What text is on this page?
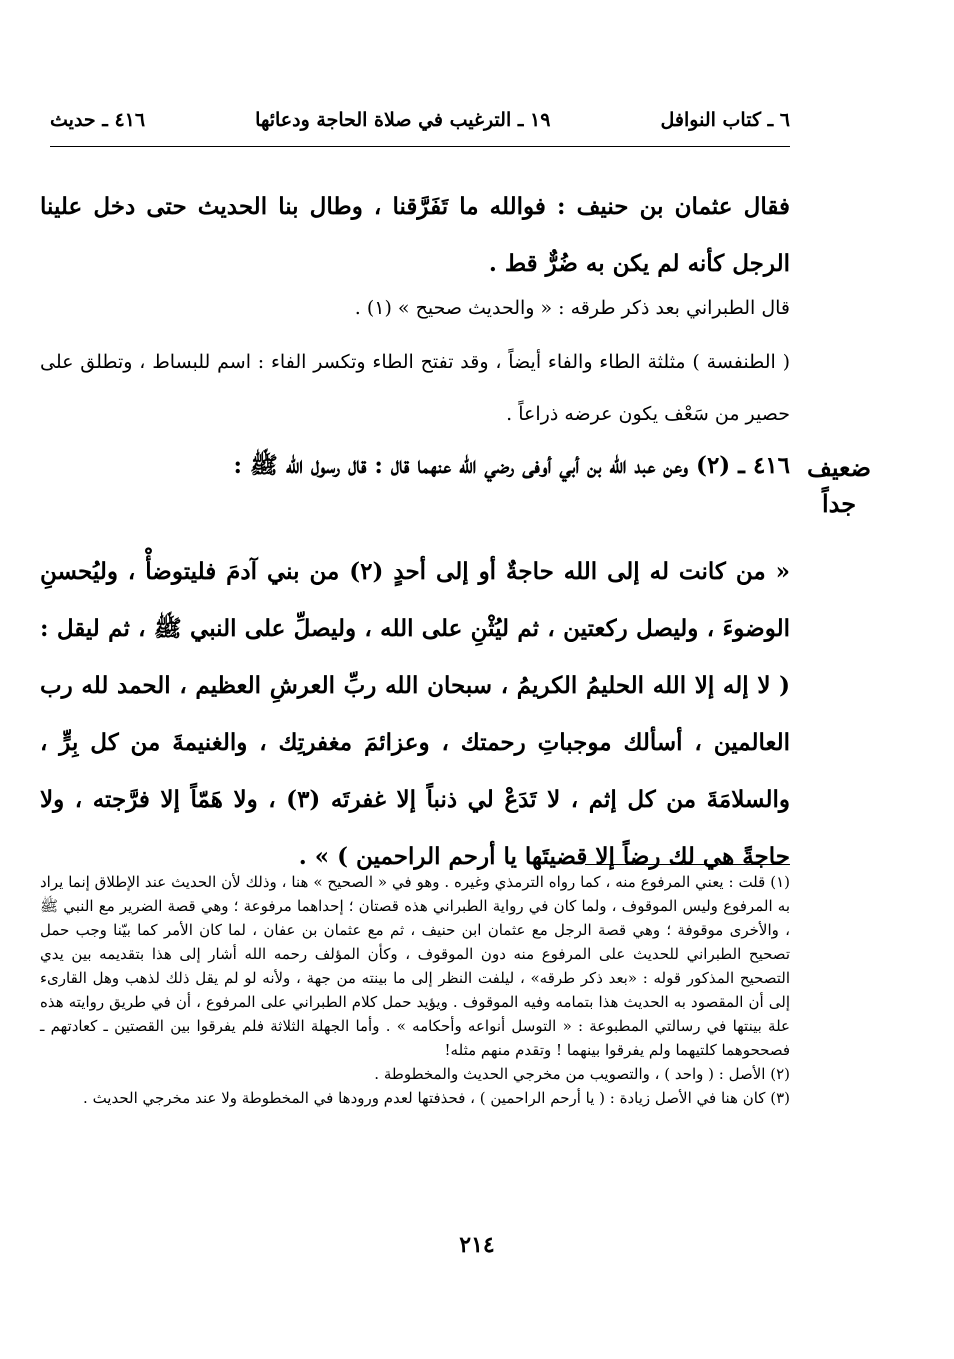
٦ ـ كتاب النوافل
١٩ ـ الترغيب في صلاة الحاجة ودعائها
٤١٦ ـ حديث

فقال عثمان بن حنيف : فوالله ما تَفَرَّقنا ، وطال بنا الحديث حتى دخل علينا الرجل كأنه لم يكن به ضُرٌّ قط .

قال الطبراني بعد ذكر طرقه : « والحديث صحيح » (١) .

( الطنفسة ) مثلثة الطاء والفاء أيضاً ، وقد تفتح الطاء وتكسر الفاء : اسم للبساط ، وتطلق على حصير من سَعْف يكون عرضه ذراعاً .

٤١٦ ـ (٢) وعن عبد الله بن أبي أوفى رضي الله عنهما قال : قال رسول الله ﷺ : ضعيف
جداً

« من كانت له إلى الله حاجةٌ أو إلى أحدٍ (٢) من بني آدمَ فليتوضأْ ، وليُحسنِ الوضوءَ ، وليصل ركعتين ، ثم ليُثْنِ على الله ، وليصلِّ على النبي ﷺ ، ثم ليقل : ( لا إله إلا الله الحليمُ الكريمُ ، سبحان الله ربِّ العرشِ العظيم ، الحمد لله رب العالمين ، أسألك موجباتِ رحمتك ، وعزائمَ مغفرتِك ، والغنيمةَ من كل بِرٍّ ، والسلامَةَ من كل إثم ، لا تَدَعْ لي ذنباً إلا غفرتَه (٣) ، ولا هَمّاً إلا فرَّجته ، ولا حاجةً هي لك رضاً إلا قضيتَها يا أرحم الراحمين ) » .

(١) قلت : يعني المرفوع منه ، كما رواه الترمذي وغيره . وهو في « الصحيح » هنا ، وذلك لأن الحديث عند الإطلاق إنما يراد به المرفوع وليس الموقوف ، ولما كان في رواية الطبراني هذه قصتان ؛ إحداهما مرفوعة ؛ وهي قصة الضرير مع النبي ﷺ ، والأخرى موقوفة ؛ وهي قصة الرجل مع عثمان ابن حنيف ، ثم مع عثمان بن عفان ، لما كان الأمر كما بيّنا وجب حمل تصحيح الطبراني للحديث على المرفوع منه دون الموقوف ، وكأن المؤلف رحمه الله أشار إلى هذا بتقديمه بين يدي التصحيح المذكور قوله : «بعد ذكر طرقه» ، ليلفت النظر إلى ما بينته من جهة ، ولأنه لو لم يقل ذلك لذهب وهل القارىء إلى أن المقصود به الحديث هذا بتمامه وفيه الموقوف . ويؤيد حمل كلام الطبراني على المرفوع ، أن في طريق روايته هذه علة بينتها في رسالتي المطبوعة : « التوسل أنواعه وأحكامه » . وأما الجهلة الثلاثة فلم يفرقوا بين القصتين ـ كعادتهم ـ فصححوهما كلتيهما ولم يفرقوا بينهما ! وتقدم منهم مثله!

(٢) الأصل : ( واحد ) ، والتصويب من مخرجي الحديث والمخطوطة .

(٣) كان هنا في الأصل زيادة : ( يا أرحم الراحمين ) ، فحذفتها لعدم ورودها في المخطوطة ولا عند مخرجي الحديث .

٢١٤
